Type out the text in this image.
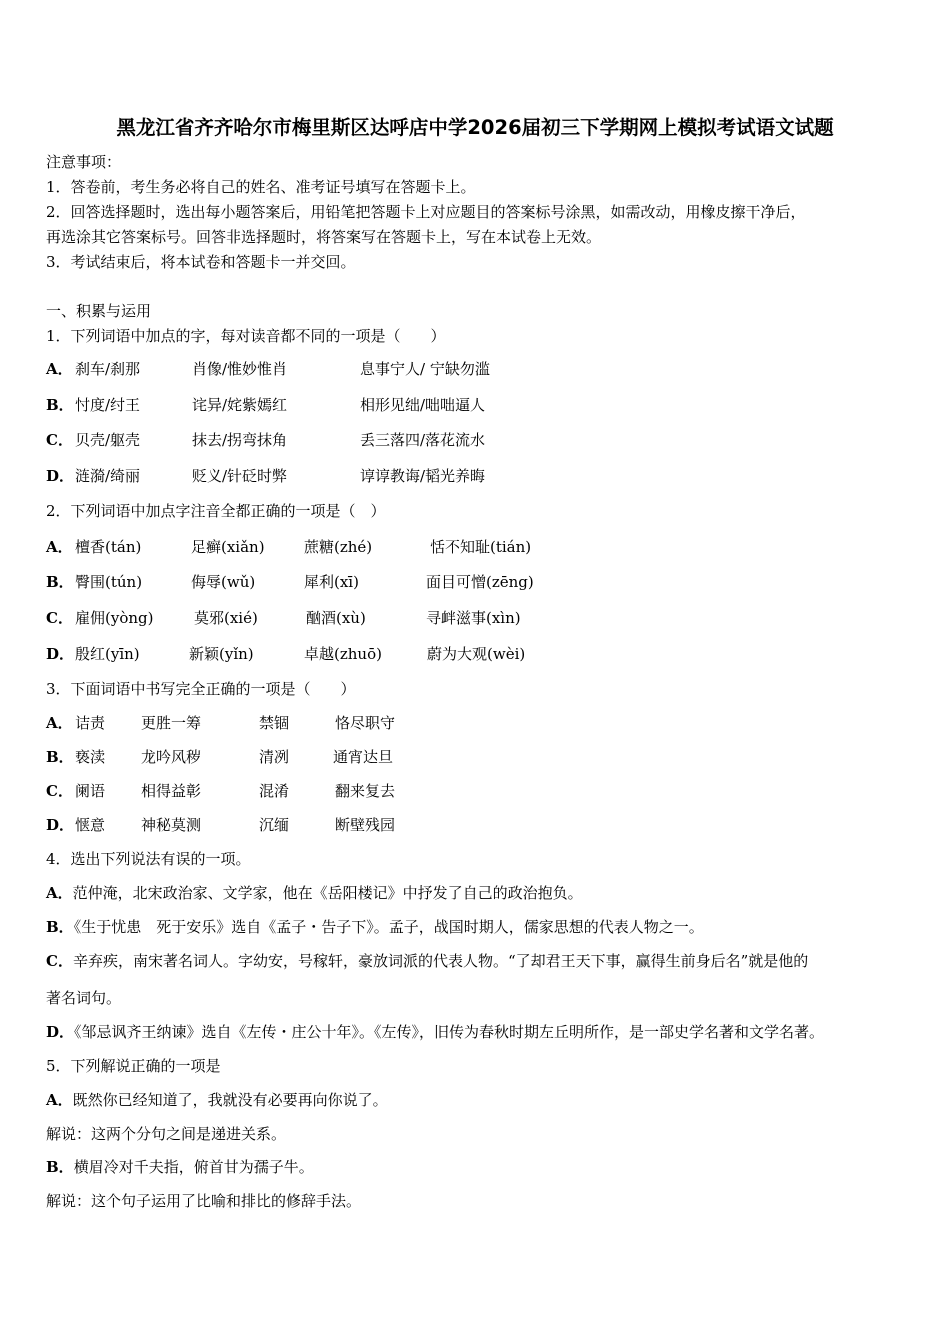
黑龙江省齐齐哈尔市梅里斯区达呼店中学2026届初三下学期网上模拟考试语文试题
注意事项：
1．答卷前，考生务必将自己的姓名、准考证号填写在答题卡上。
2．回答选择题时，选出每小题答案后，用铅笔把答题卡上对应题目的答案标号涂黑，如需改动，用橡皮擦干净后，
再选涂其它答案标号。回答非选择题时，将答案写在答题卡上，写在本试卷上无效。
3．考试结束后，将本试卷和答题卡一并交回。
一、积累与运用
1．下列词语中加点的字，每对读音都不同的一项是（　　）
A． 刹车/刹那	肖像/惟妙惟肖	息事宁人/ 宁缺勿滥
B． 忖度/纣王	诧异/姹紫嫣红	相形见绌/咄咄逼人
C． 贝壳/躯壳	抹去/拐弯抹角	丢三落四/落花流水
D． 涟漪/绮丽	贬义/针砭时弊	谆谆教诲/韬光养晦
2．下列词语中加点字注音全都正确的一项是（　）
A． 檀香(tán)	足癣(xiǎn)	蔗糖(zhé)	恬不知耻(tián)
B． 臀围(tún)	侮辱(wǔ)	犀利(xī)	面目可憎(zēng)
C． 雇佣(yòng)	莫邪(xié)	酗酒(xù)	寻衅滋事(xìn)
D． 殷红(yīn)	新颖(yǐn)	卓越(zhuō)	蔚为大观(wèi)
3．下面词语中书写完全正确的一项是（　　）
A． 诘责 更胜一筹	禁锢	恪尽职守
B． 亵渎 龙吟风秽	清冽	通宵达旦
C． 阑语 相得益彰	混淆	翻来复去
D． 惬意 神秘莫测	沉缅	断壁残园
4．选出下列说法有误的一项。
A．范仲淹，北宋政治家、文学家，他在《岳阳楼记》中抒发了自己的政治抱负。
B．《生于忧患　死于安乐》选自《孟子・告子下》。孟子，战国时期人，儒家思想的代表人物之一。
C．辛弃疾，南宋著名词人。字幼安，号稼轩，豪放词派的代表人物。“了却君王天下事，赢得生前身后名”就是他的
著名词句。
D．《邹忌讽齐王纳谏》选自《左传・庄公十年》。《左传》，旧传为春秋时期左丘明所作，是一部史学名著和文学名著。
5．下列解说正确的一项是
A．既然你已经知道了，我就没有必要再向你说了。
解说：这两个分句之间是递进关系。
B．横眉冷对千夫指，俯首甘为孺子牛。
解说：这个句子运用了比喻和排比的修辞手法。
